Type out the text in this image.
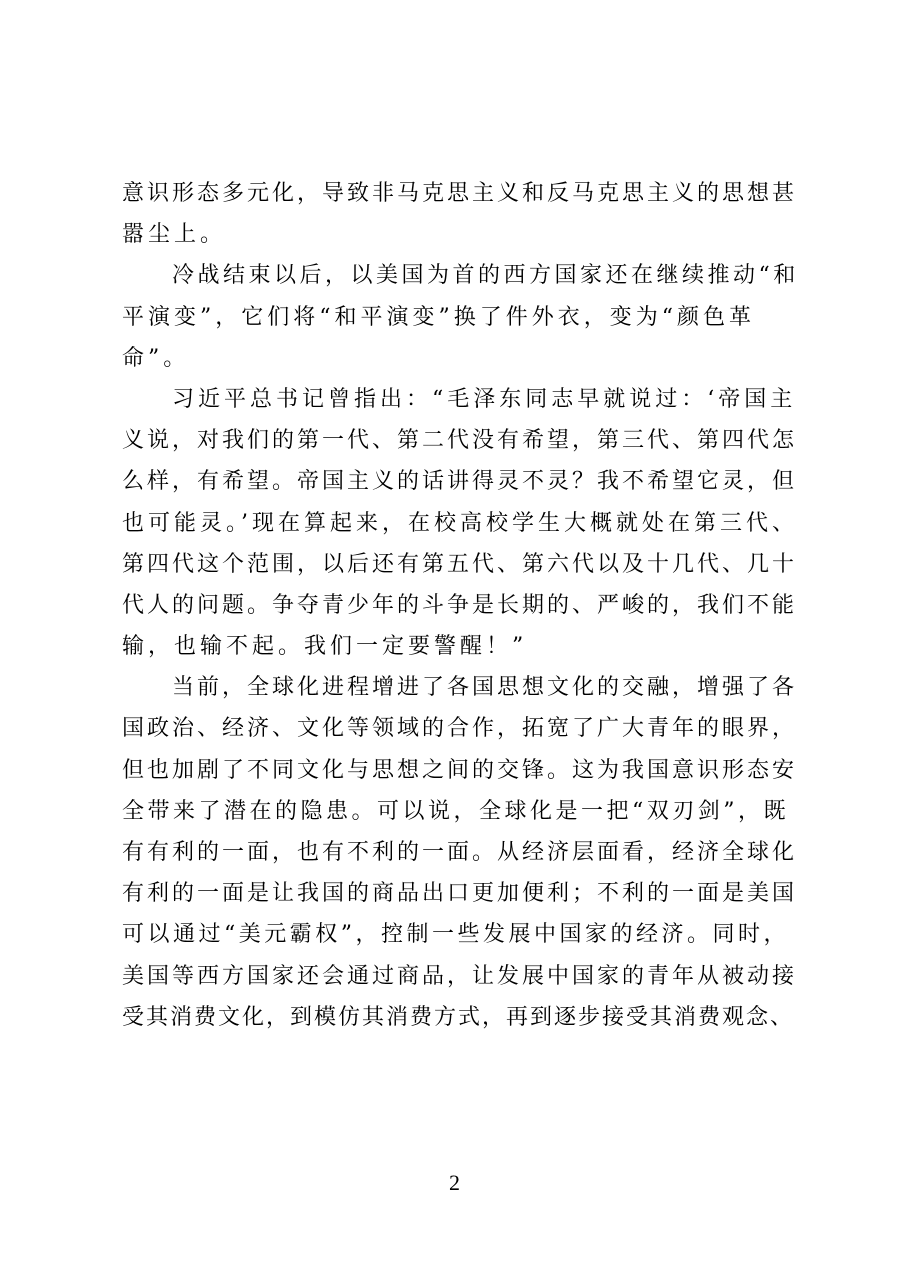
意识形态多元化，导致非马克思主义和反马克思主义的思想甚
嚣尘上。
冷战结束以后，以美国为首的西方国家还在继续推动“和
平演变”，它们将“和平演变”换了件外衣，变为“颜色革
命”。
习近平总书记曾指出：“毛泽东同志早就说过：‘帝国主
义说，对我们的第一代、第二代没有希望，第三代、第四代怎
么样，有希望。帝国主义的话讲得灵不灵？我不希望它灵，但
也可能灵。’现在算起来，在校高校学生大概就处在第三代、
第四代这个范围，以后还有第五代、第六代以及十几代、几十
代人的问题。争夺青少年的斗争是长期的、严峻的，我们不能
输，也输不起。我们一定要警醒！”
当前，全球化进程增进了各国思想文化的交融，增强了各
国政治、经济、文化等领域的合作，拓宽了广大青年的眼界，
但也加剧了不同文化与思想之间的交锋。这为我国意识形态安
全带来了潜在的隐患。可以说，全球化是一把“双刃剑”，既
有有利的一面，也有不利的一面。从经济层面看，经济全球化
有利的一面是让我国的商品出口更加便利；不利的一面是美国
可以通过“美元霸权”，控制一些发展中国家的经济。同时，
美国等西方国家还会通过商品，让发展中国家的青年从被动接
受其消费文化，到模仿其消费方式，再到逐步接受其消费观念、
2
